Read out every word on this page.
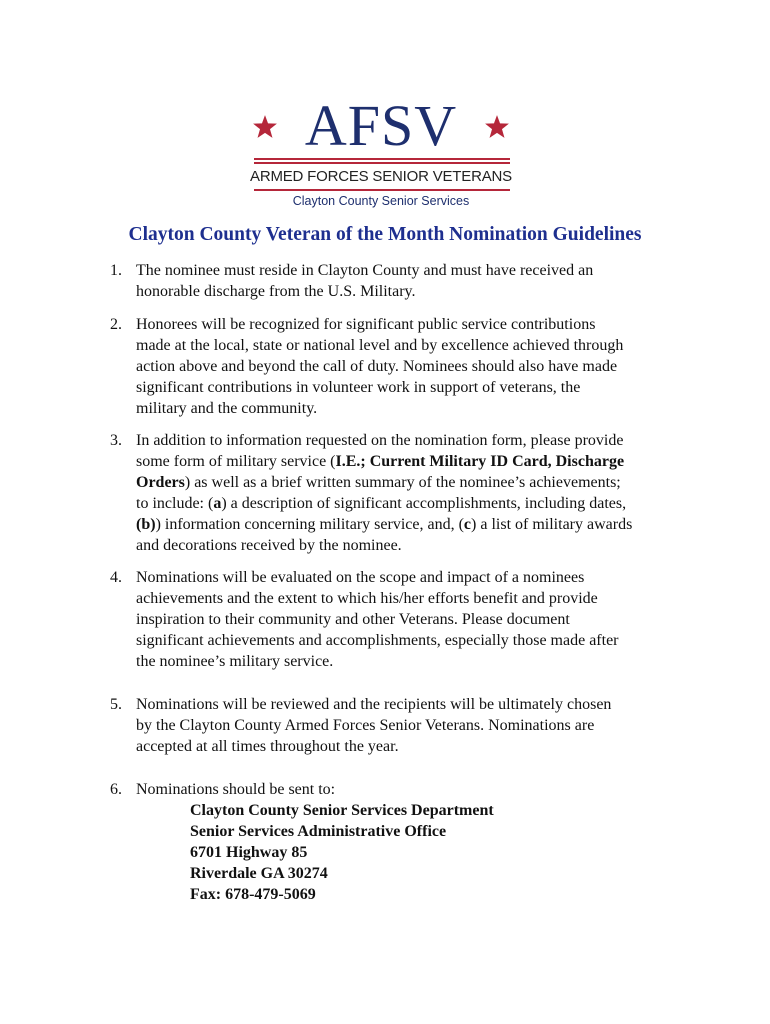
AFSV
ARMED FORCES SENIOR VETERANS
Clayton County Senior Services
Clayton County Veteran of the Month Nomination Guidelines
1. The nominee must reside in Clayton County and must have received an

honorable discharge from the U.S. Military.

2. Honorees will be recognized for significant public service contributions

made at the local, state or national level and by excellence achieved through

action above and beyond the call of duty. Nominees should also have made

significant contributions in volunteer work in support of veterans, the

military and the community.

3. In addition to information requested on the nomination form, please provide

some form of military service (I.E.; Current Military ID Card, Discharge

Orders) as well as a brief written summary of the nominee’s achievements;

to include: (a) a description of significant accomplishments, including dates,

(b)) information concerning military service, and, (c) a list of military awards

and decorations received by the nominee.

4. Nominations will be evaluated on the scope and impact of a nominees

achievements and the extent to which his/her efforts benefit and provide

inspiration to their community and other Veterans. Please document

significant achievements and accomplishments, especially those made after

the nominee’s military service.

5. Nominations will be reviewed and the recipients will be ultimately chosen

by the Clayton County Armed Forces Senior Veterans. Nominations are

accepted at all times throughout the year.

6. Nominations should be sent to:

Clayton County Senior Services Department
Senior Services Administrative Office
6701 Highway 85
Riverdale GA 30274
Fax: 678-479-5069
